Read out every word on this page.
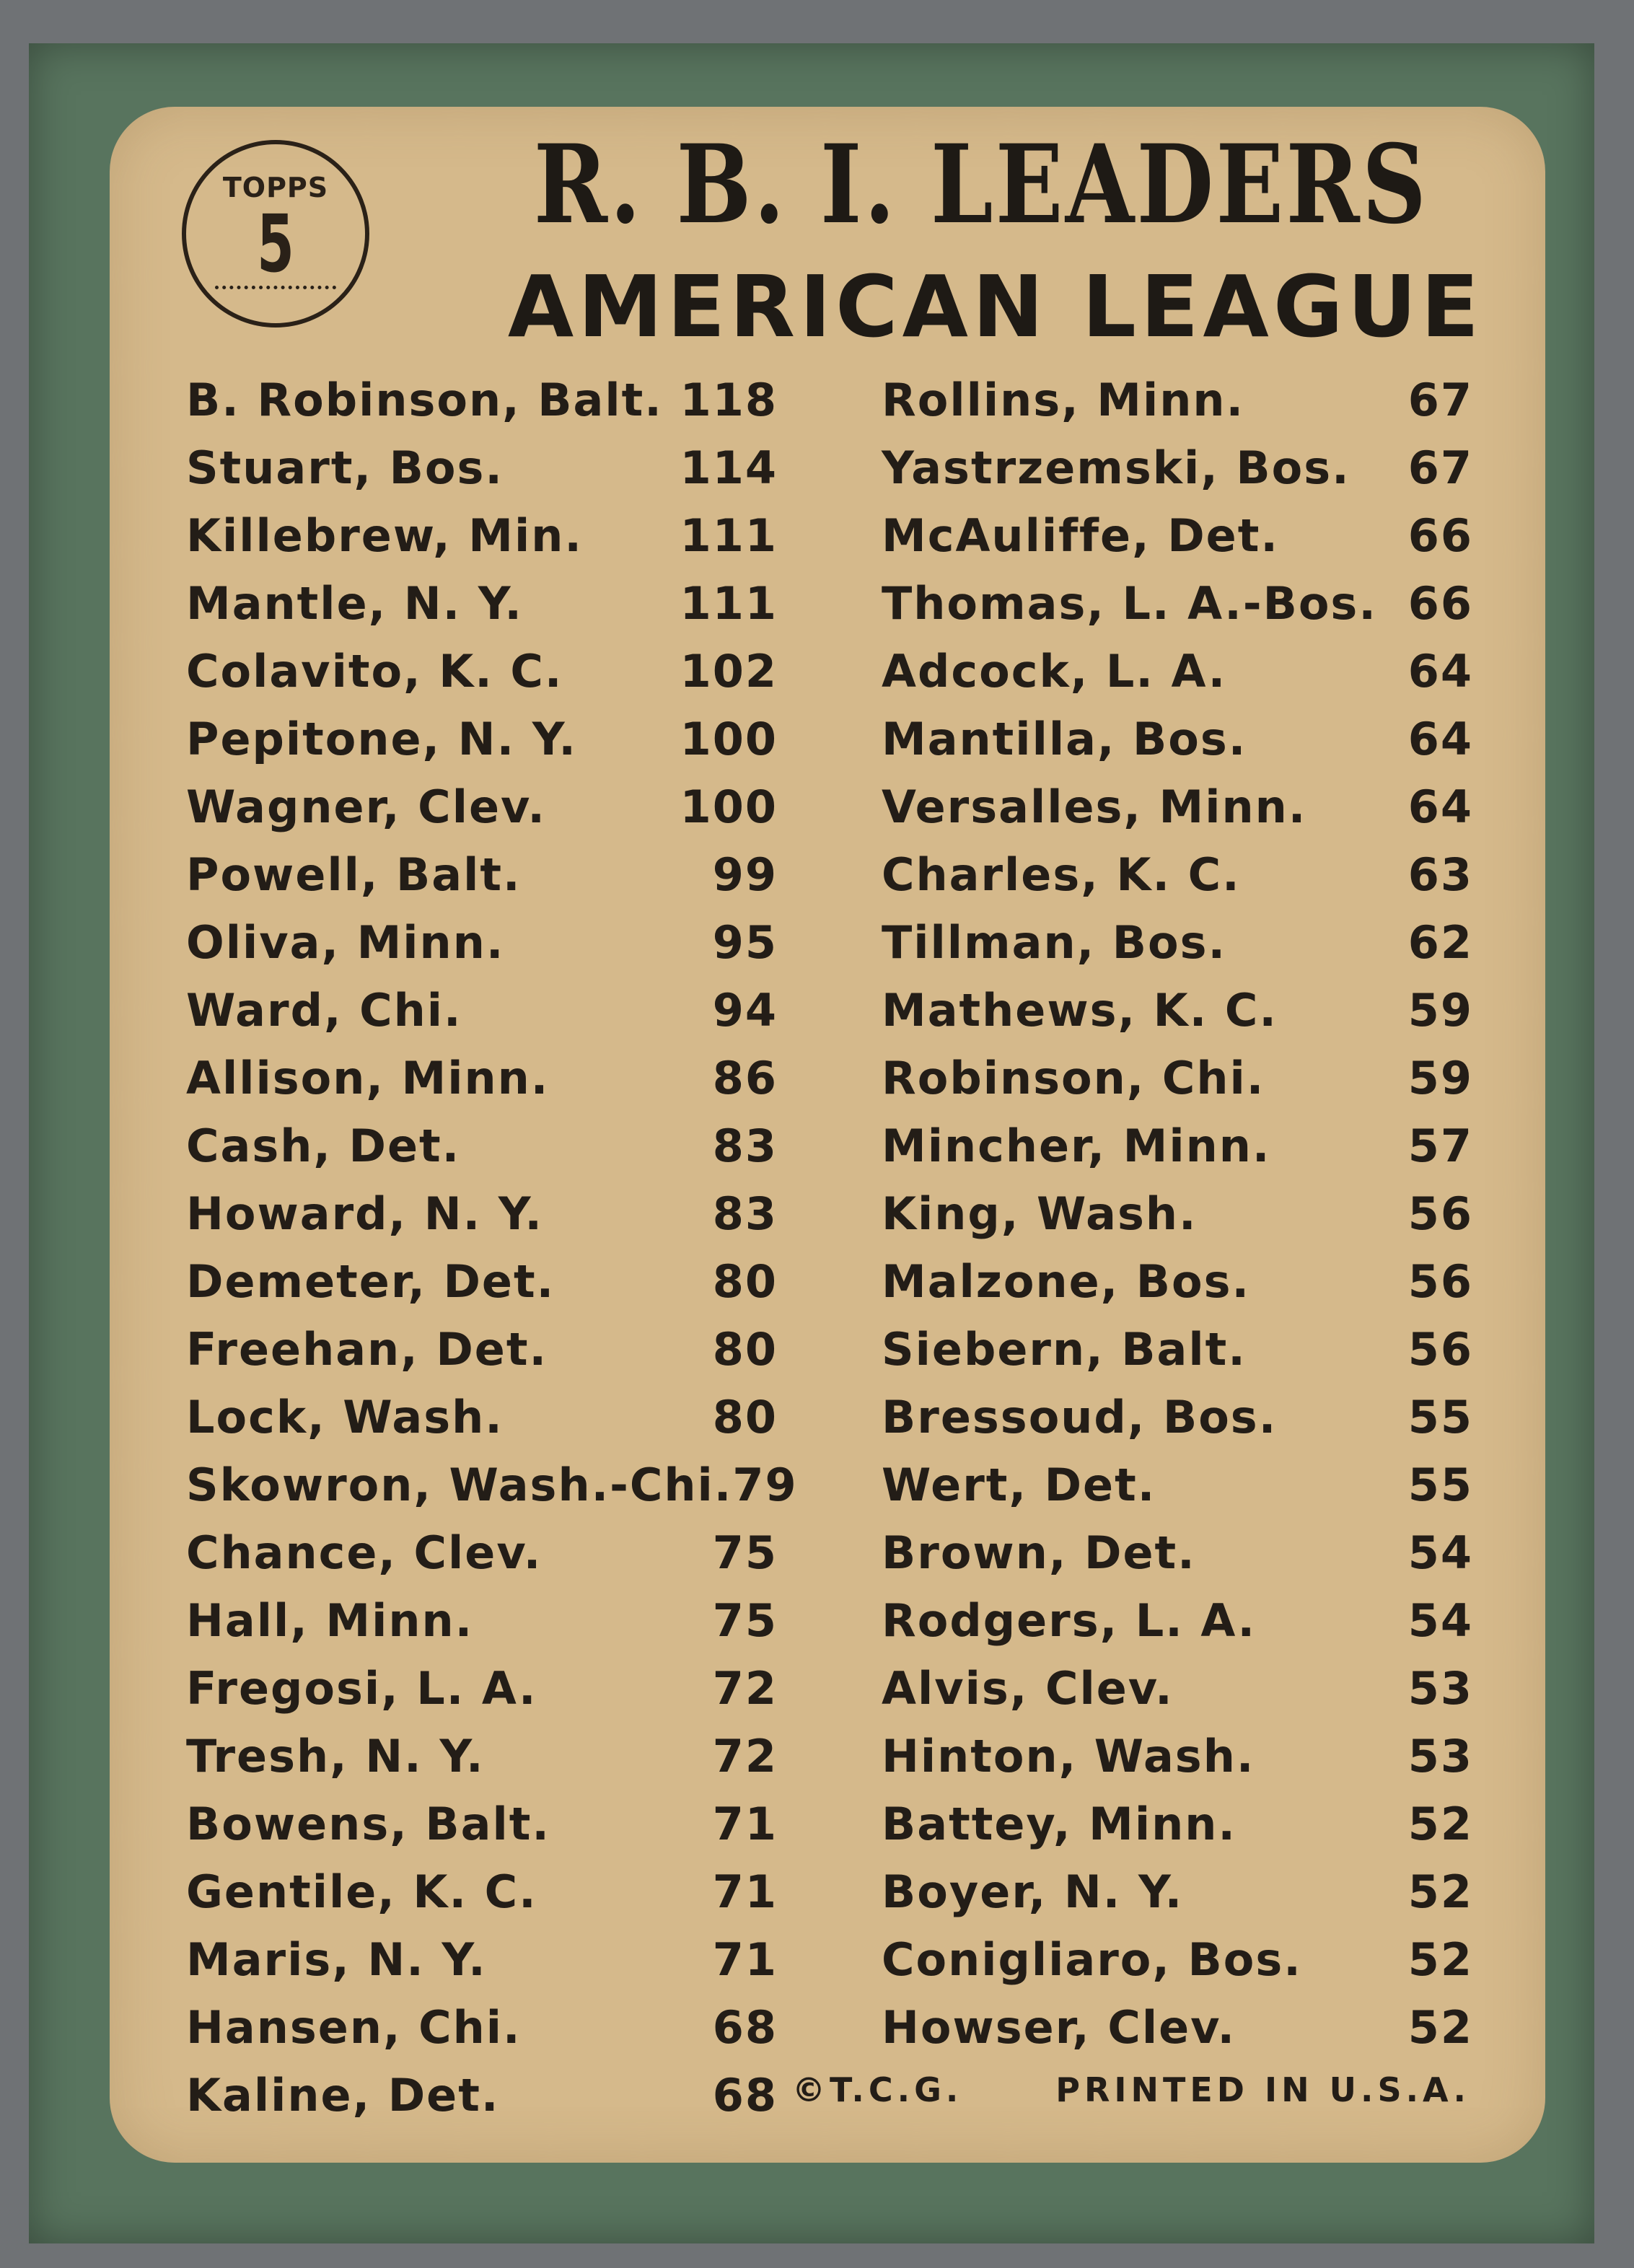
TOPPS
5	R. B. I. LEADERS
AMERICAN LEAGUE
B. Robinson, Balt. 118
Stuart, Bos.	114
Killebrew, Min. 111
Mantle, N. Y.	111
Colavito, K. C.	102
Pepitone, N. Y. 100
Wagner, Clev.	100
Powell, Balt.	99
Oliva, Minn.	95
Ward, Chi.	94
Allison, Minn.	86
Cash, Det.	83
Howard, N. Y.	83
Demeter, Det.	80
Freehan, Det.	80
Lock, Wash.	80
Skowron, Wash.-Chi. 79
Chance, Clev.	75
Hall, Minn.	75
Fregosi, L. A.	72
Tresh, N. Y.	72
Bowens, Balt.	71
Gentile, K. C.	71
Maris, N. Y.	71
Hansen, Chi.	68
Kaline, Det.	68
Rollins, Minn.	67
Yastrzemski, Bos. 67
McAuliffe, Det.	66
Thomas, L. A.-Bos. 66
Adcock, L. A.	64
Mantilla, Bos.	64
Versalles, Minn. 64
Charles, K. C.	63
Tillman, Bos.	62
Mathews, K. C.	59
Robinson, Chi.	59
Mincher, Minn.	57
King, Wash.	56
Malzone, Bos.	56
Siebern, Balt.	56
Bressoud, Bos.	55
Wert, Det.	55
Brown, Det.	54
Rodgers, L. A.	54
Alvis, Clev.	53
Hinton, Wash.	53
Battey, Minn.	52
Boyer, N. Y.	52
Conigliaro, Bos. 52
Howser, Clev.	52
©T.C.G.	PRINTED IN U.S.A.
